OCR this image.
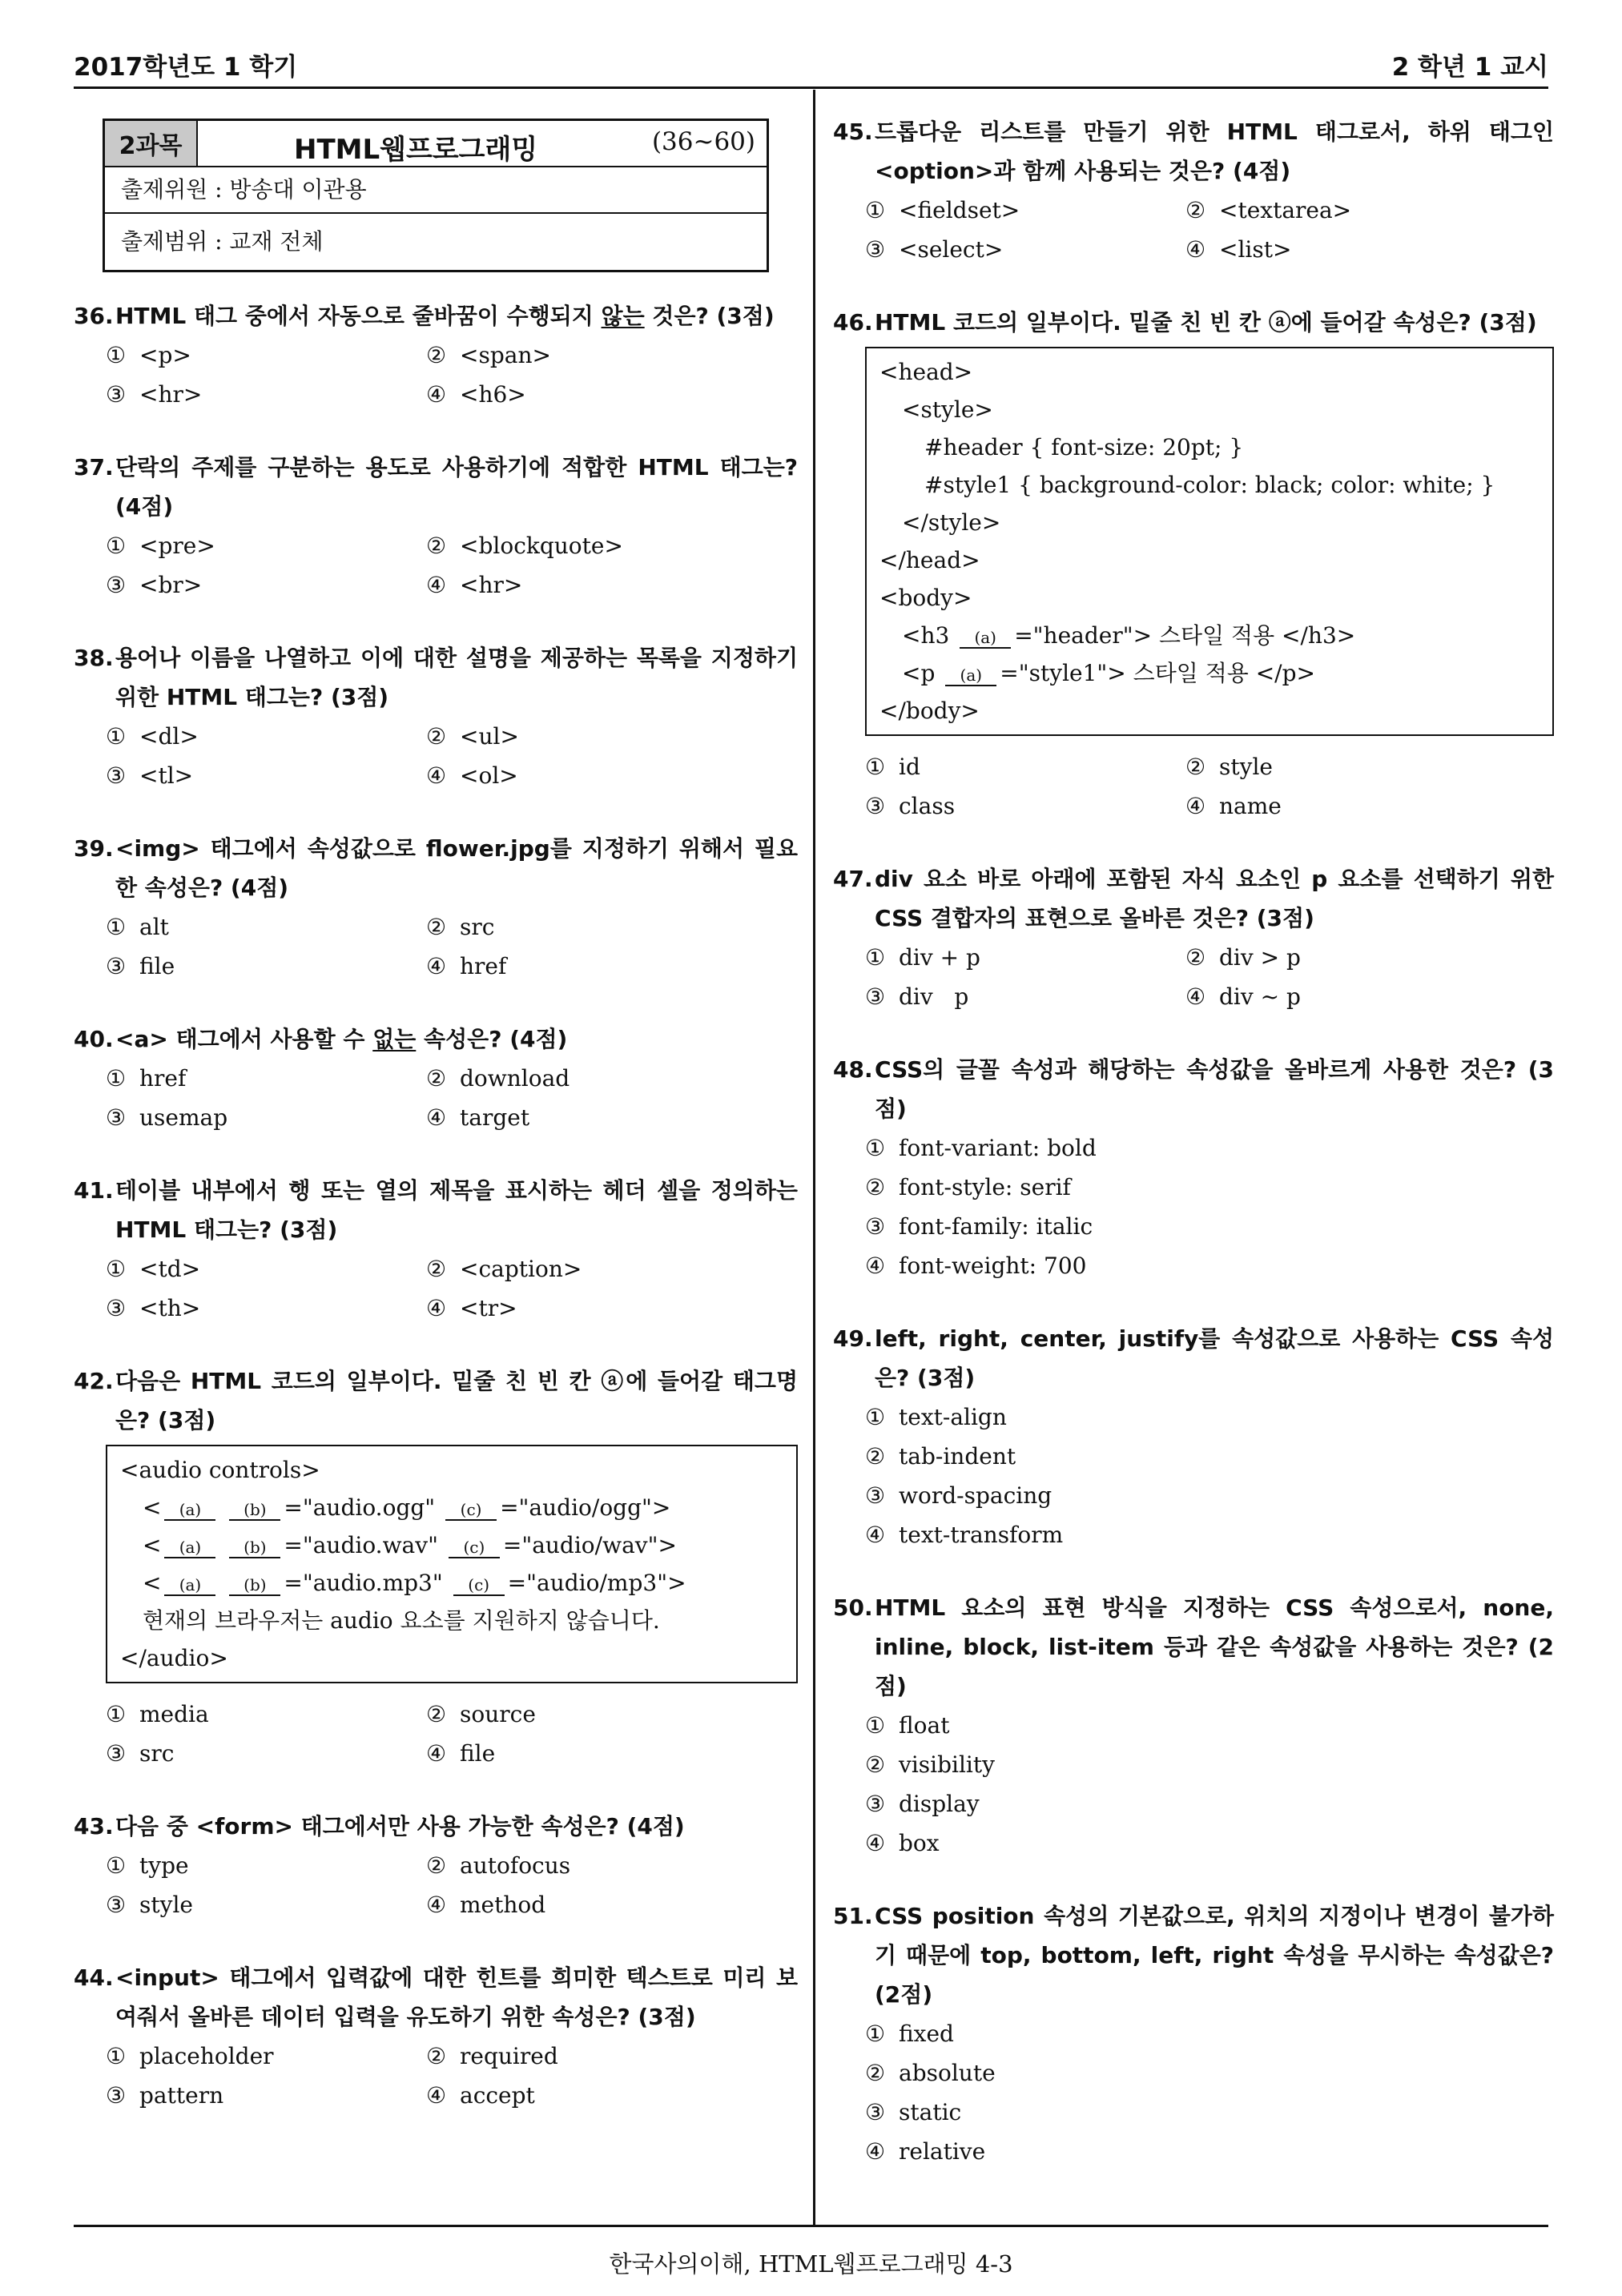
2017학년도 1 학기	2 학년 1 교시
2과목	HTML웹프로그래밍	(36~60)
출제위원 : 방송대 이관용
출제범위 : 교재 전체
36.HTML 태그 중에서 자동으로 줄바꿈이 수행되지 않는 것은? (3점)
① <p>	② <span>
③ <hr>	④ <h6>
37.단락의 주제를 구분하는 용도로 사용하기에 적합한 HTML 태그는? (4점)
① <pre>	② <blockquote>
③ <br>	④ <hr>
38.용어나 이름을 나열하고 이에 대한 설명을 제공하는 목록을 지정하기 위한 HTML 태그는? (3점)
① <dl>	② <ul>
③ <tl>	④ <ol>
39.<img> 태그에서 속성값으로 flower.jpg를 지정하기 위해서 필요한 속성은? (4점)
① alt	② src
③ file	④ href
40.<a> 태그에서 사용할 수 없는 속성은? (4점)
① href	② download
③ usemap	④ target
41.테이블 내부에서 행 또는 열의 제목을 표시하는 헤더 셀을 정의하는 HTML 태그는? (3점)
① <td>	② <caption>
③ <th>	④ <tr>
42.다음은 HTML 코드의 일부이다. 밑줄 친 빈 칸 ⓐ에 들어갈 태그명은? (3점)
<audio controls>
< (a)	(b) ="audio.ogg" (c) ="audio/ogg">
< (a)	(b) ="audio.wav" (c) ="audio/wav">
< (a)	(b) ="audio.mp3" (c) ="audio/mp3">
현재의 브라우저는 audio 요소를 지원하지 않습니다.
</audio>
① media	② source
③ src	④ file
43.다음 중 <form> 태그에서만 사용 가능한 속성은? (4점)
① type	② autofocus
③ style	④ method
44.<input> 태그에서 입력값에 대한 힌트를 희미한 텍스트로 미리 보여줘서 올바른 데이터 입력을 유도하기 위한 속성은? (3점)
① placeholder	② required
③ pattern	④ accept
45.드롭다운 리스트를 만들기 위한 HTML 태그로서, 하위 태그인 <option>과 함께 사용되는 것은? (4점)
① <fieldset>	② <textarea>
③ <select>	④ <list>
46.HTML 코드의 일부이다. 밑줄 친 빈 칸 ⓐ에 들어갈 속성은? (3점)
<head>
<style>
#header { font-size: 20pt; }
#style1 { background-color: black; color: white; }
</style>
</head>
<body>
<h3 (a) ="header"> 스타일 적용 </h3>
<p (a) ="style1"> 스타일 적용 </p>
</body>
① id	② style
③ class	④ name
47.div 요소 바로 아래에 포함된 자식 요소인 p 요소를 선택하기 위한 CSS 결합자의 표현으로 올바른 것은? (3점)
① div + p	② div > p
③ div   p	④ div ~ p
48.CSS의 글꼴 속성과 해당하는 속성값을 올바르게 사용한 것은? (3점)
① font-variant: bold
② font-style: serif
③ font-family: italic
④ font-weight: 700
49.left, right, center, justify를 속성값으로 사용하는 CSS 속성은? (3점)
① text-align
② tab-indent
③ word-spacing
④ text-transform
50.HTML 요소의 표현 방식을 지정하는 CSS 속성으로서, none, inline, block, list-item 등과 같은 속성값을 사용하는 것은? (2점)
① float
② visibility
③ display
④ box
51.CSS position 속성의 기본값으로, 위치의 지정이나 변경이 불가하기 때문에 top, bottom, left, right 속성을 무시하는 속성값은? (2점)
① fixed
② absolute
③ static
④ relative
한국사의이해, HTML웹프로그래밍 4-3
